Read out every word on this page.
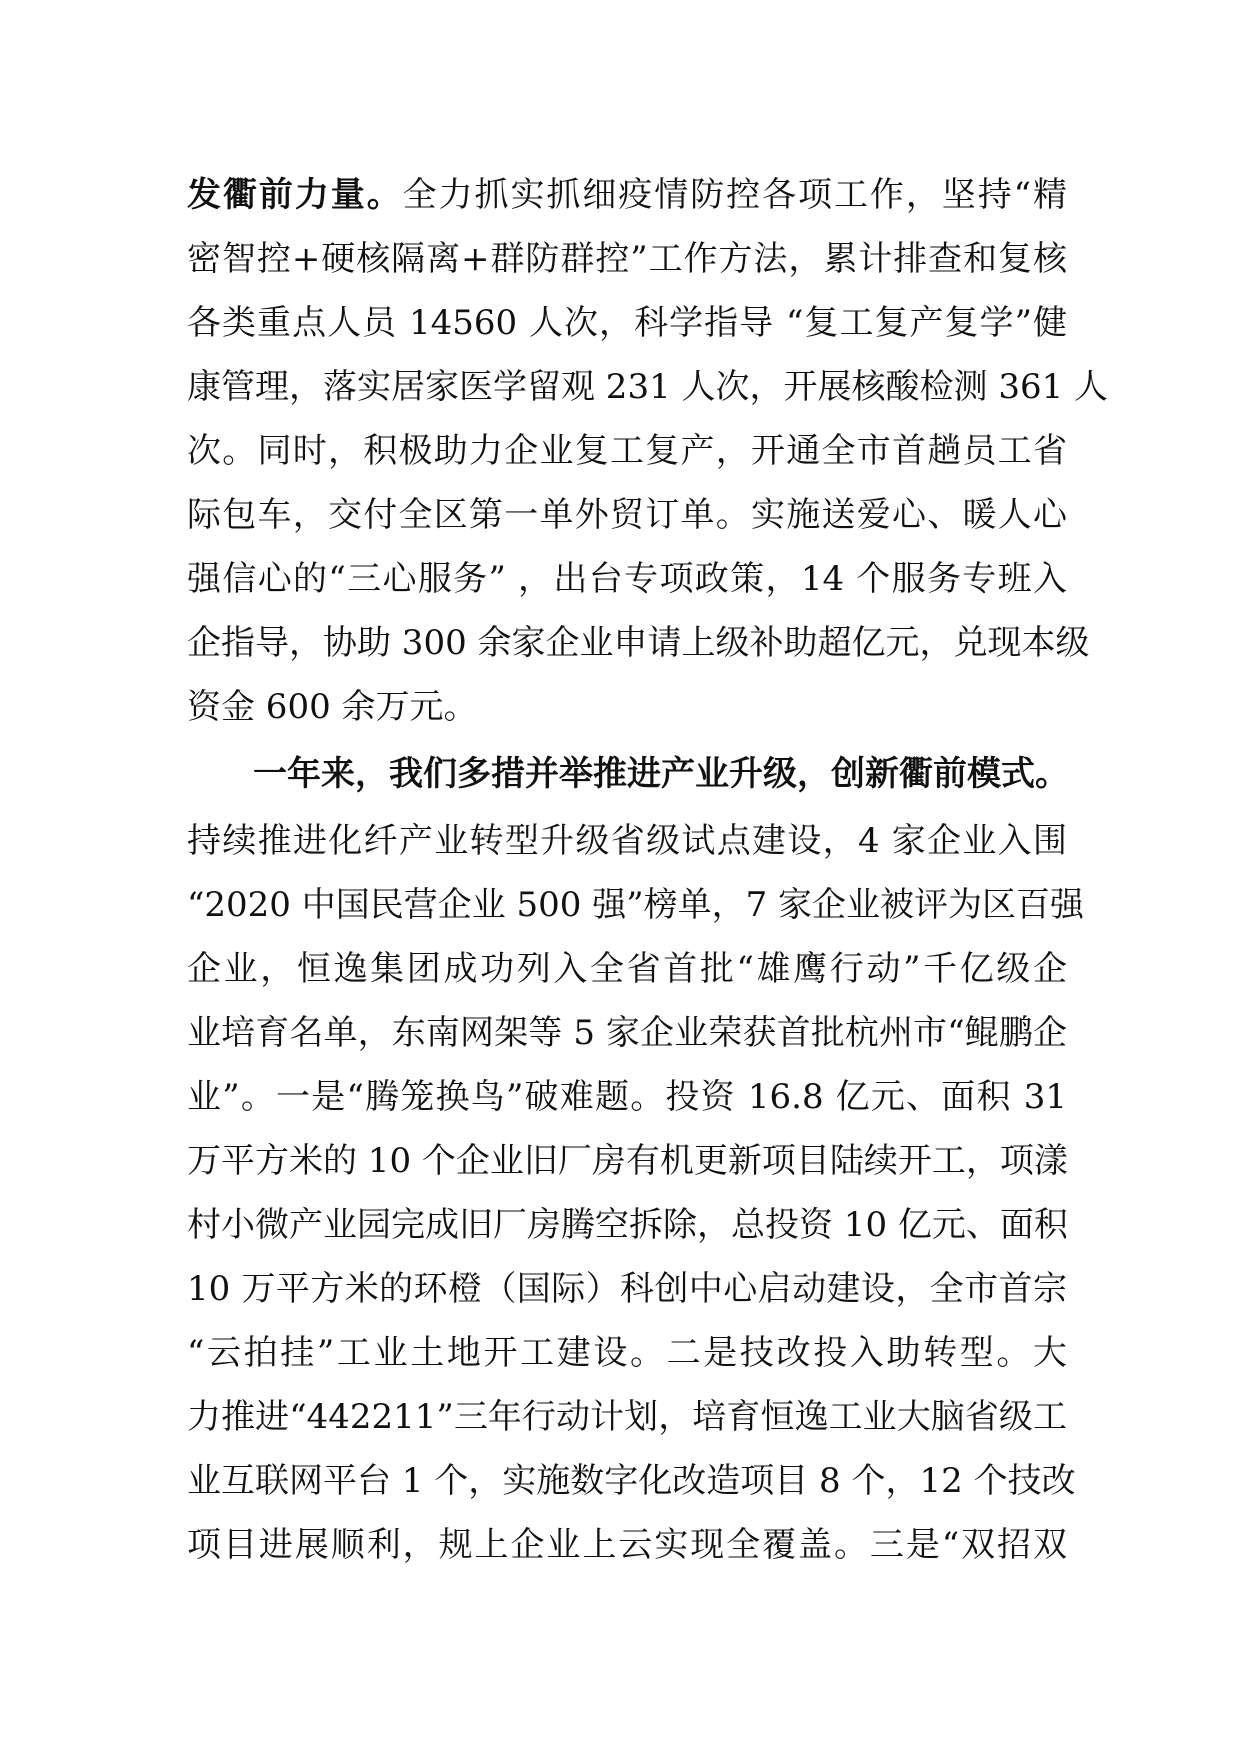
发衢前力量。全力抓实抓细疫情防控各项工作，坚持“精
密智控+硬核隔离+群防群控”工作方法，累计排查和复核
各类重点人员 14560 人次，科学指导 “复工复产复学”健
康管理，落实居家医学留观 231 人次，开展核酸检测 361 人
次。同时，积极助力企业复工复产，开通全市首趟员工省
际包车，交付全区第一单外贸订单。实施送爱心、暖人心
强信心的“三心服务” ，出台专项政策，14 个服务专班入
企指导，协助 300 余家企业申请上级补助超亿元，兑现本级
资金 600 余万元。
一年来，我们多措并举推进产业升级，创新衢前模式。
持续推进化纤产业转型升级省级试点建设，4 家企业入围
“2020 中国民营企业 500 强”榜单，7 家企业被评为区百强
企业，恒逸集团成功列入全省首批“雄鹰行动”千亿级企
业培育名单，东南网架等 5 家企业荣获首批杭州市“鲲鹏企
业”。一是“腾笼换鸟”破难题。投资 16.8 亿元、面积 31
万平方米的 10 个企业旧厂房有机更新项目陆续开工，项漾
村小微产业园完成旧厂房腾空拆除，总投资 10 亿元、面积
10 万平方米的环橙（国际）科创中心启动建设，全市首宗
“云拍挂”工业土地开工建设。二是技改投入助转型。大
力推进“442211”三年行动计划，培育恒逸工业大脑省级工
业互联网平台 1 个，实施数字化改造项目 8 个，12 个技改
项目进展顺利，规上企业上云实现全覆盖。三是“双招双
